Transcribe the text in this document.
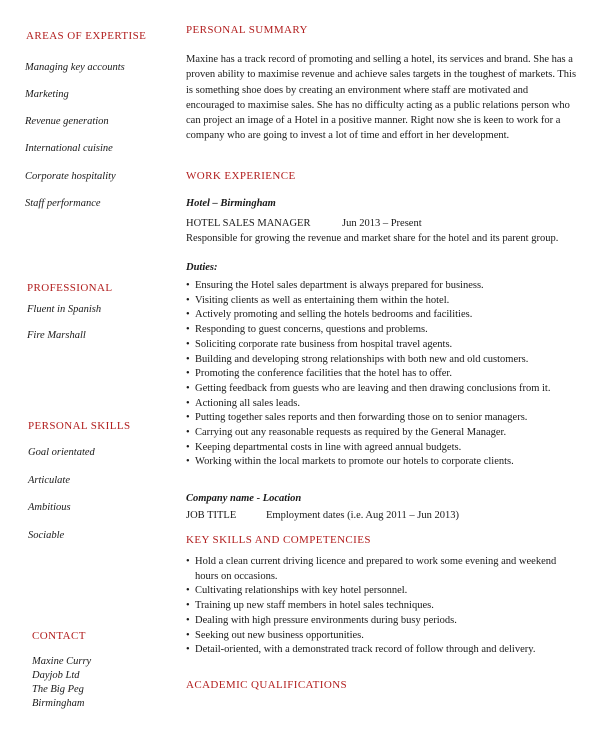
AREAS OF EXPERTISE
Managing key accounts
Marketing
Revenue generation
International cuisine
Corporate hospitality
Staff performance
PROFESSIONAL
Fluent in Spanish
Fire Marshall
PERSONAL SKILLS
Goal orientated
Articulate
Ambitious
Sociable
CONTACT
Maxine Curry
Dayjob Ltd
The Big Peg
Birmingham
PERSONAL SUMMARY
Maxine has a track record of promoting and selling a hotel, its services and brand. She has a proven ability to maximise revenue and achieve sales targets in the toughest of markets. This is something shoe does by creating an environment where staff are motivated and encouraged to maximise sales. She has no difficulty acting as a public relations person who can project an image of a Hotel in a positive manner. Right now she is keen to work for a company who are going to invest a lot of time and effort in her development.
WORK EXPERIENCE
Hotel – Birmingham
HOTEL SALES MANAGER	Jun 2013 – Present
Responsible for growing the revenue and market share for the hotel and its parent group.
Duties:
• Ensuring the Hotel sales department is always prepared for business.
• Visiting clients as well as entertaining them within the hotel.
• Actively promoting and selling the hotels bedrooms and facilities.
• Responding to guest concerns, questions and problems.
• Soliciting corporate rate business from hospital travel agents.
• Building and developing strong relationships with both new and old customers.
• Promoting the conference facilities that the hotel has to offer.
• Getting feedback from guests who are leaving and then drawing conclusions from it.
• Actioning all sales leads.
• Putting together sales reports and then forwarding those on to senior managers.
• Carrying out any reasonable requests as required by the General Manager.
• Keeping departmental costs in line with agreed annual budgets.
• Working within the local markets to promote our hotels to corporate clients.
Company name - Location
JOB TITLE	Employment dates (i.e. Aug 2011 – Jun 2013)
KEY SKILLS AND COMPETENCIES
• Hold a clean current driving licence and prepared to work some evening and weekend hours on occasions.
• Cultivating relationships with key hotel personnel.
• Training up new staff members in hotel sales techniques.
• Dealing with high pressure environments during busy periods.
• Seeking out new business opportunities.
• Detail-oriented, with a demonstrated track record of follow through and delivery.
ACADEMIC QUALIFICATIONS
